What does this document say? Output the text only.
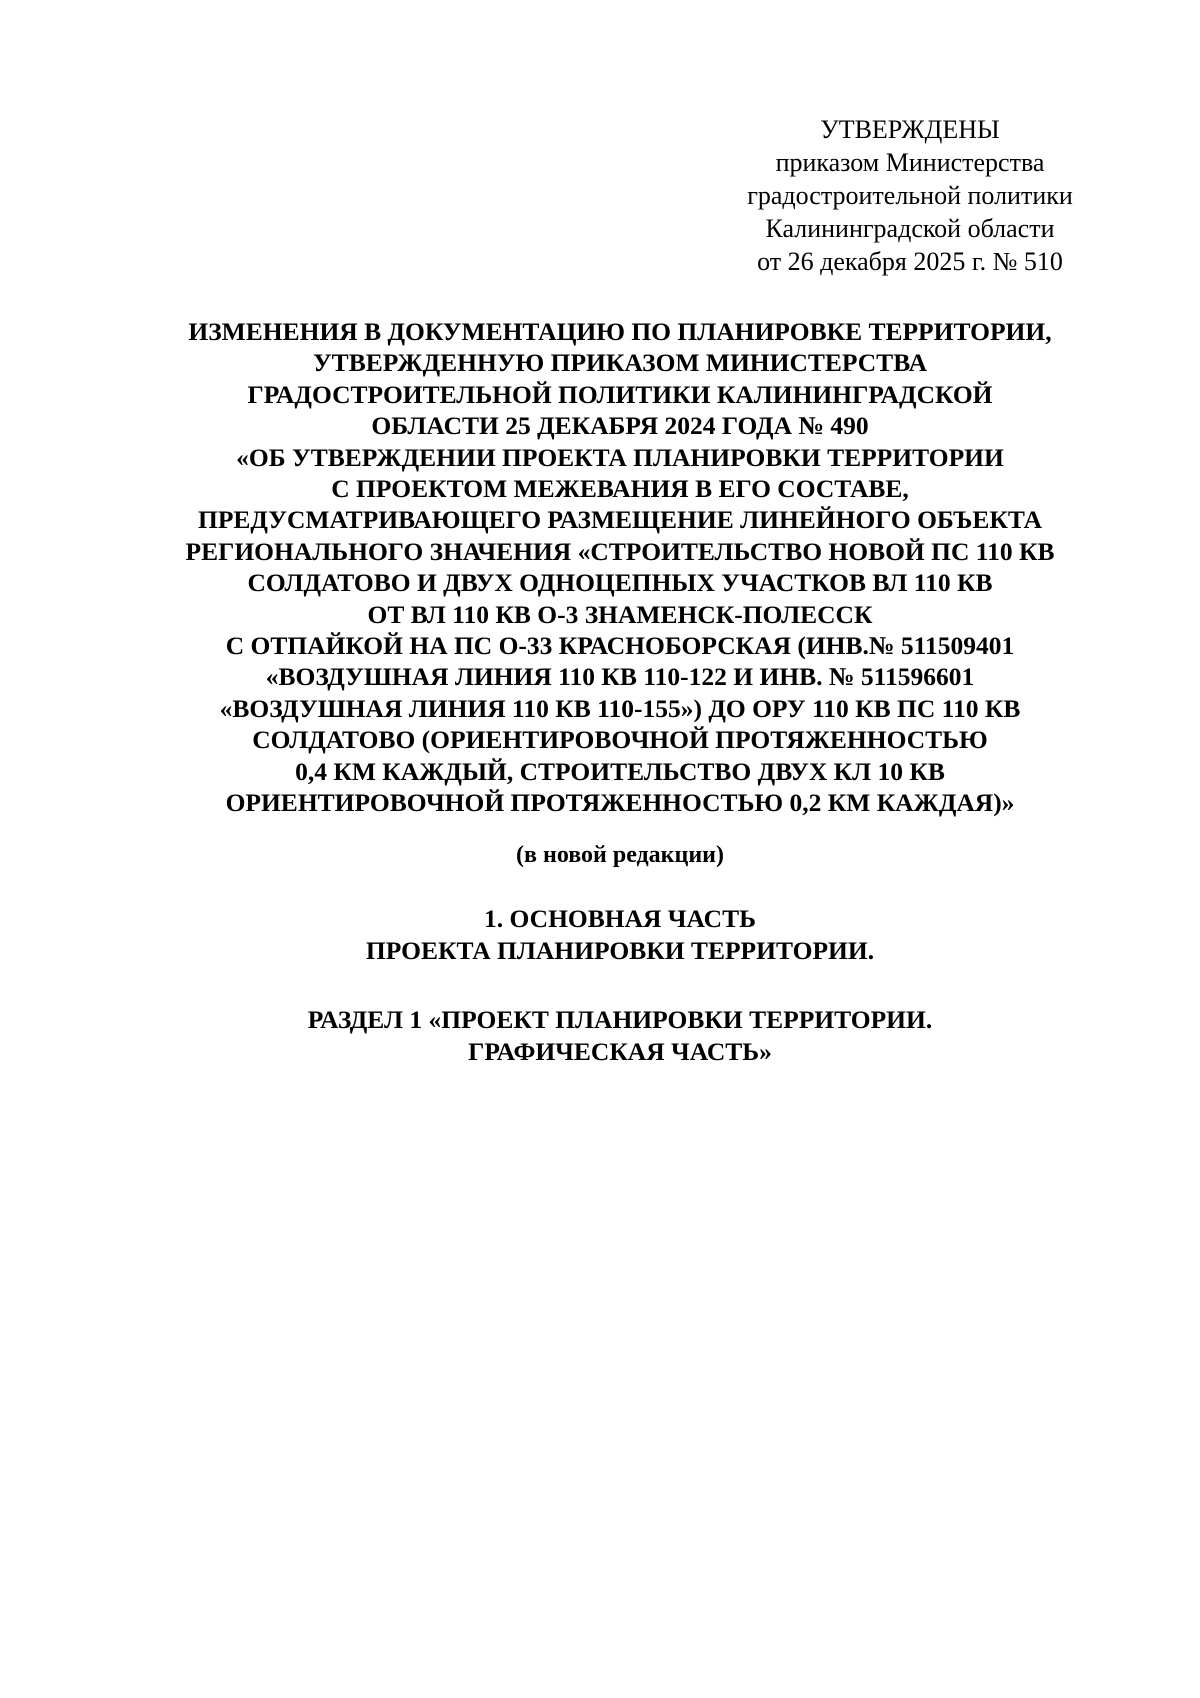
УТВЕРЖДЕНЫ
приказом Министерства
градостроительной политики
Калининградской области
от 26 декабря 2025 г. № 510
ИЗМЕНЕНИЯ В ДОКУМЕНТАЦИЮ ПО ПЛАНИРОВКЕ ТЕРРИТОРИИ,
УТВЕРЖДЕННУЮ ПРИКАЗОМ МИНИСТЕРСТВА
ГРАДОСТРОИТЕЛЬНОЙ ПОЛИТИКИ КАЛИНИНГРАДСКОЙ
ОБЛАСТИ 25 ДЕКАБРЯ 2024 ГОДА № 490
«ОБ УТВЕРЖДЕНИИ ПРОЕКТА ПЛАНИРОВКИ ТЕРРИТОРИИ
С ПРОЕКТОМ МЕЖЕВАНИЯ В ЕГО СОСТАВЕ,
ПРЕДУСМАТРИВАЮЩЕГО РАЗМЕЩЕНИЕ ЛИНЕЙНОГО ОБЪЕКТА
РЕГИОНАЛЬНОГО ЗНАЧЕНИЯ «СТРОИТЕЛЬСТВО НОВОЙ ПС 110 КВ
СОЛДАТОВО И ДВУХ ОДНОЦЕПНЫХ УЧАСТКОВ ВЛ 110 КВ
ОТ ВЛ 110 КВ О-3 ЗНАМЕНСК-ПОЛЕССК
С ОТПАЙКОЙ НА ПС О-33 КРАСНОБОРСКАЯ (ИНВ.№ 511509401
«ВОЗДУШНАЯ ЛИНИЯ 110 КВ 110-122 И ИНВ. № 511596601
«ВОЗДУШНАЯ ЛИНИЯ 110 КВ 110-155») ДО ОРУ 110 КВ ПС 110 КВ
СОЛДАТОВО (ОРИЕНТИРОВОЧНОЙ ПРОТЯЖЕННОСТЬЮ
0,4 КМ КАЖДЫЙ, СТРОИТЕЛЬСТВО ДВУХ КЛ 10 КВ
ОРИЕНТИРОВОЧНОЙ ПРОТЯЖЕННОСТЬЮ 0,2 КМ КАЖДАЯ)»
(в новой редакции)
1. ОСНОВНАЯ ЧАСТЬ
ПРОЕКТА ПЛАНИРОВКИ ТЕРРИТОРИИ.
РАЗДЕЛ 1 «ПРОЕКТ ПЛАНИРОВКИ ТЕРРИТОРИИ.
ГРАФИЧЕСКАЯ ЧАСТЬ»
